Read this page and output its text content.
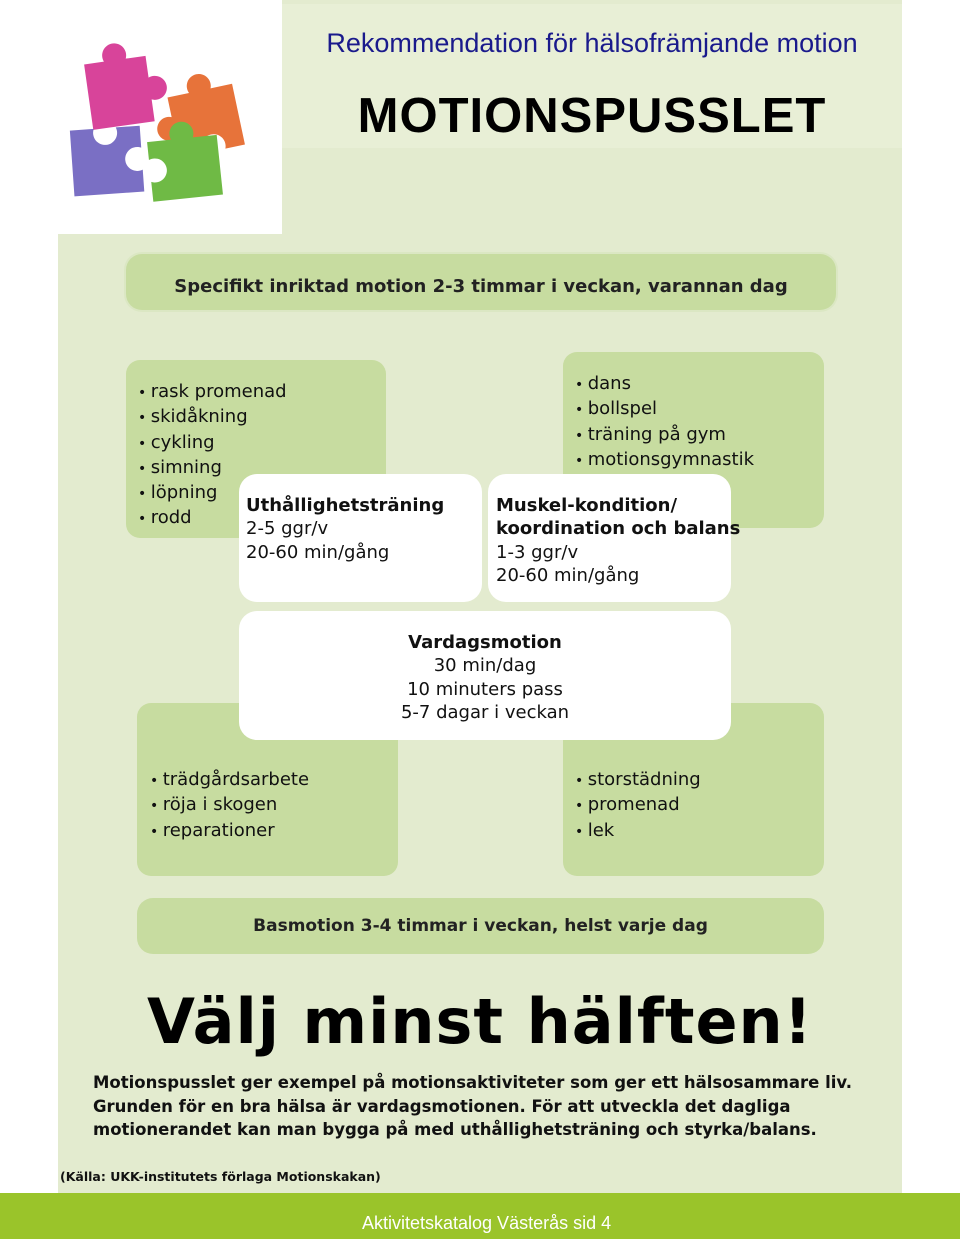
Rekommendation för hälsofrämjande motion
MOTIONSPUSSLET
Specifikt inriktad motion 2-3 timmar i veckan, varannan dag
• rask promenad
• skidåkning
• cykling
• simning
• löpning
• rodd
• dans
• bollspel
• träning på gym
• motionsgymnastik
• trädgårdsarbete
• röja i skogen
• reparationer
• storstädning
• promenad
• lek
Uthållighetsträning
2-5 ggr/v
20-60 min/gång
Muskel-kondition/
koordination och balans
1-3 ggr/v
20-60 min/gång
Vardagsmotion
30 min/dag
10 minuters pass
5-7 dagar i veckan
Basmotion 3-4 timmar i veckan, helst varje dag
Välj minst hälften!
Motionspusslet ger exempel på motionsaktiviteter som ger ett hälsosammare liv.
Grunden för en bra hälsa är vardagsmotionen. För att utveckla det dagliga
motionerandet kan man bygga på med uthållighetsträning och styrka/balans.
(Källa: UKK-institutets förlaga Motionskakan)
Aktivitetskatalog Västerås sid 4
